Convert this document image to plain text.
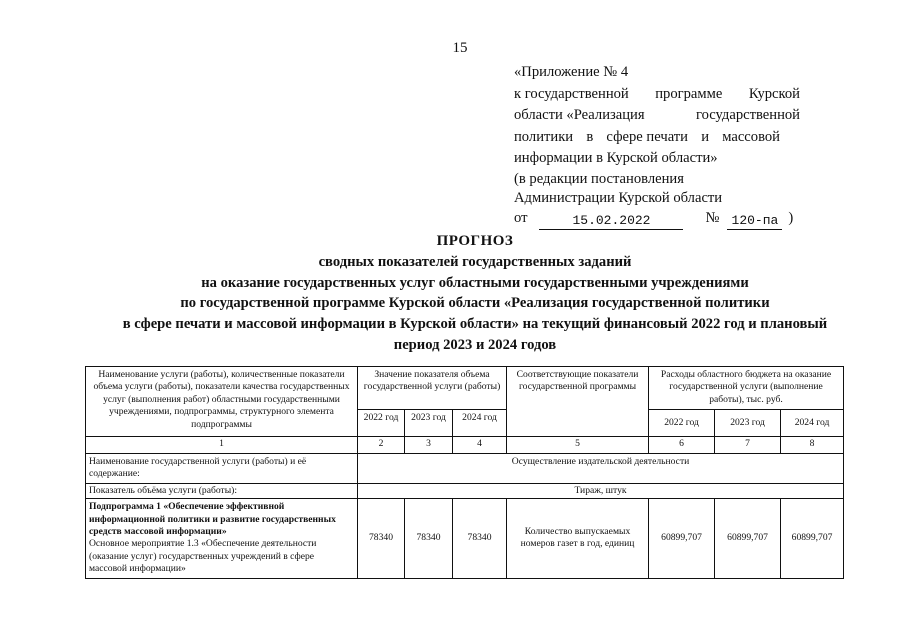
15
«Приложение № 4
к государственной программе Курской
области «Реализация	государственной
политики в сфере печати и массовой
информации в Курской области»
(в редакции постановления
Администрации Курской области
от	15.02.2022	№ 120-па )
ПРОГНОЗ
сводных показателей государственных заданий
на оказание государственных услуг областными государственными учреждениями
по государственной программе Курской области «Реализация государственной политики
в сфере печати и массовой информации в Курской области» на текущий финансовый 2022 год и плановый
период 2023 и 2024 годов
Наименование услуги (работы), количественные показатели объема услуги (работы), показатели качества государственных услуг (выполнения работ) областными государственными учреждениями, подпрограммы, структурного элемента подпрограммы	Значение показателя объема государственной услуги (работы)			Соответствующие показатели государственной программы	Расходы областного бюджета на оказание государственной услуги (выполнение работы), тыс. руб.		
	2022 год	2023 год	2024 год		2022 год	2023 год	2024 год
1	2	3	4	5	6	7	8
Наименование государственной услуги (работы) и её содержание:	Осуществление издательской деятельности						
Показатель объёма услуги (работы):	Тираж, штук						

Подпрограмма 1 «Обеспечение эффективной информационной политики и развитие государственных средств массовой информации»
Основное мероприятие 1.3 «Обеспечение деятельности (оказание услуг) государственных учреждений в сфере массовой информации»	78340	78340	78340	Количество выпускаемых номеров газет в год, единиц	60899,707	60899,707	60899,707
